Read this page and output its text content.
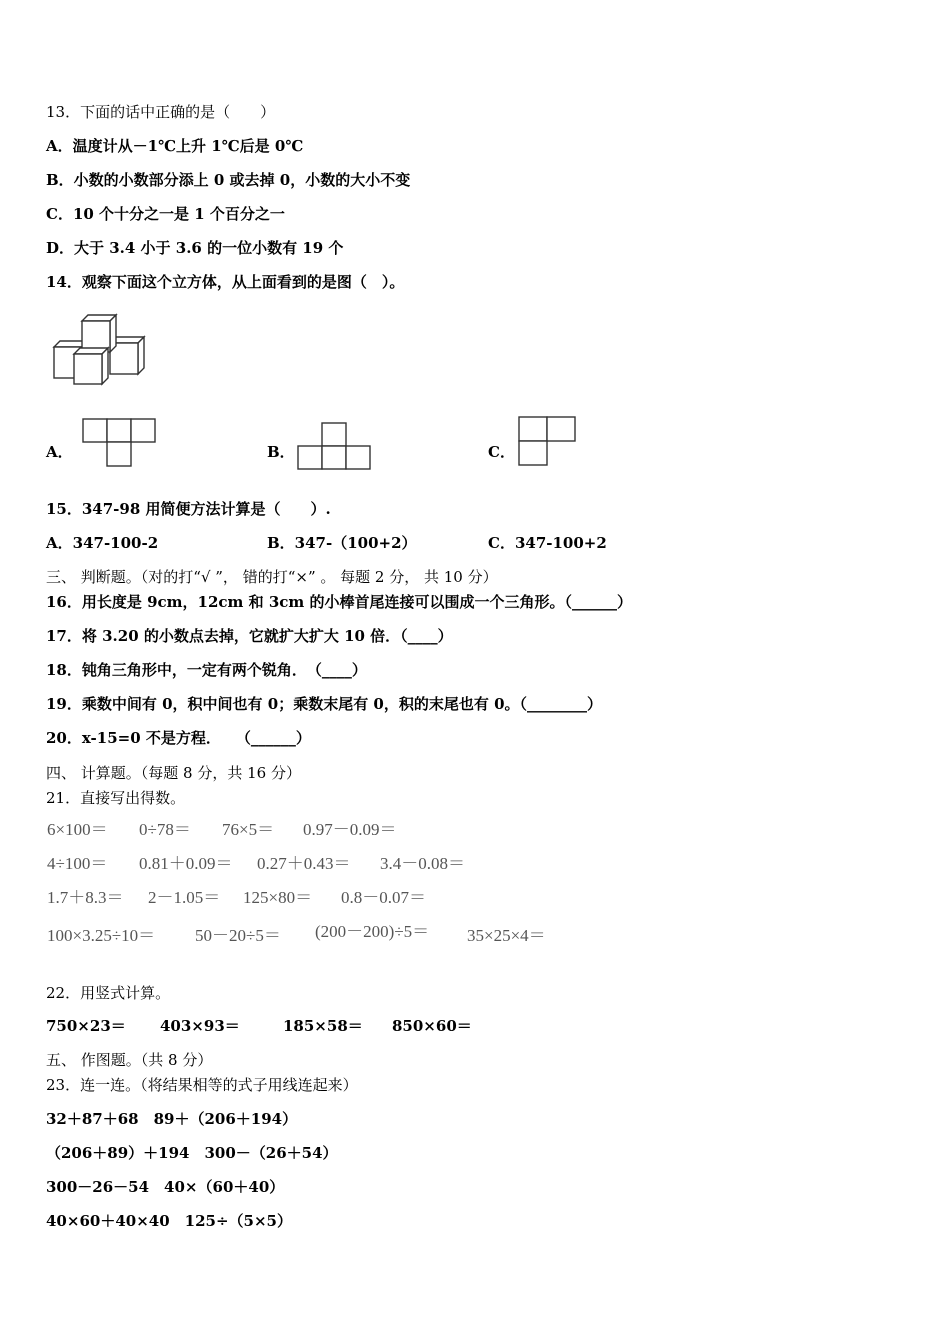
13．下面的话中正确的是（　　）
A．温度计从－1℃上升 1℃后是 0℃
B．小数的小数部分添上 0 或去掉 0，小数的大小不变
C．10 个十分之一是 1 个百分之一
D．大于 3.4 小于 3.6 的一位小数有 19 个
14．观察下面这个立方体，从上面看到的是图（　）。
A．	B．	C．
15．347-98 用简便方法计算是（　　）.
A．347-100-2	B．347-（100+2）	C．347-100+2
三、 判断题。（对的打“√ ”， 错的打“×” 。 每题 2 分， 共 10 分）
16．用长度是 9cm，12cm 和 3cm 的小棒首尾连接可以围成一个三角形。（______）
17．将 3.20 的小数点去掉，它就扩大扩大 10 倍．（____）
18．钝角三角形中，一定有两个锐角．　（____）
19．乘数中间有 0，积中间也有 0；乘数末尾有 0，积的末尾也有 0。（________）
20．x-15=0 不是方程．　　（______）
四、 计算题。（每题 8 分，共 16 分）
21．直接写出得数。
6×100＝ 0÷78＝ 76×5＝ 0.97－0.09＝
4÷100＝ 0.81＋0.09＝ 0.27＋0.43＝ 3.4－0.08＝
1.7＋8.3＝ 2－1.05＝ 125×80＝ 0.8－0.07＝
100×3.25÷10＝ 50－20÷5＝ (200－200)÷5＝ 35×25×4＝
22．用竖式计算。
750×23＝ 403×93＝	185×58＝ 850×60＝
五、 作图题。（共 8 分）
23．连一连。（将结果相等的式子用线连起来）
32＋87＋68　89＋（206＋194）
（206＋89）＋194　300－（26＋54）
300－26－54　40×（60＋40）
40×60＋40×40　125÷（5×5）
